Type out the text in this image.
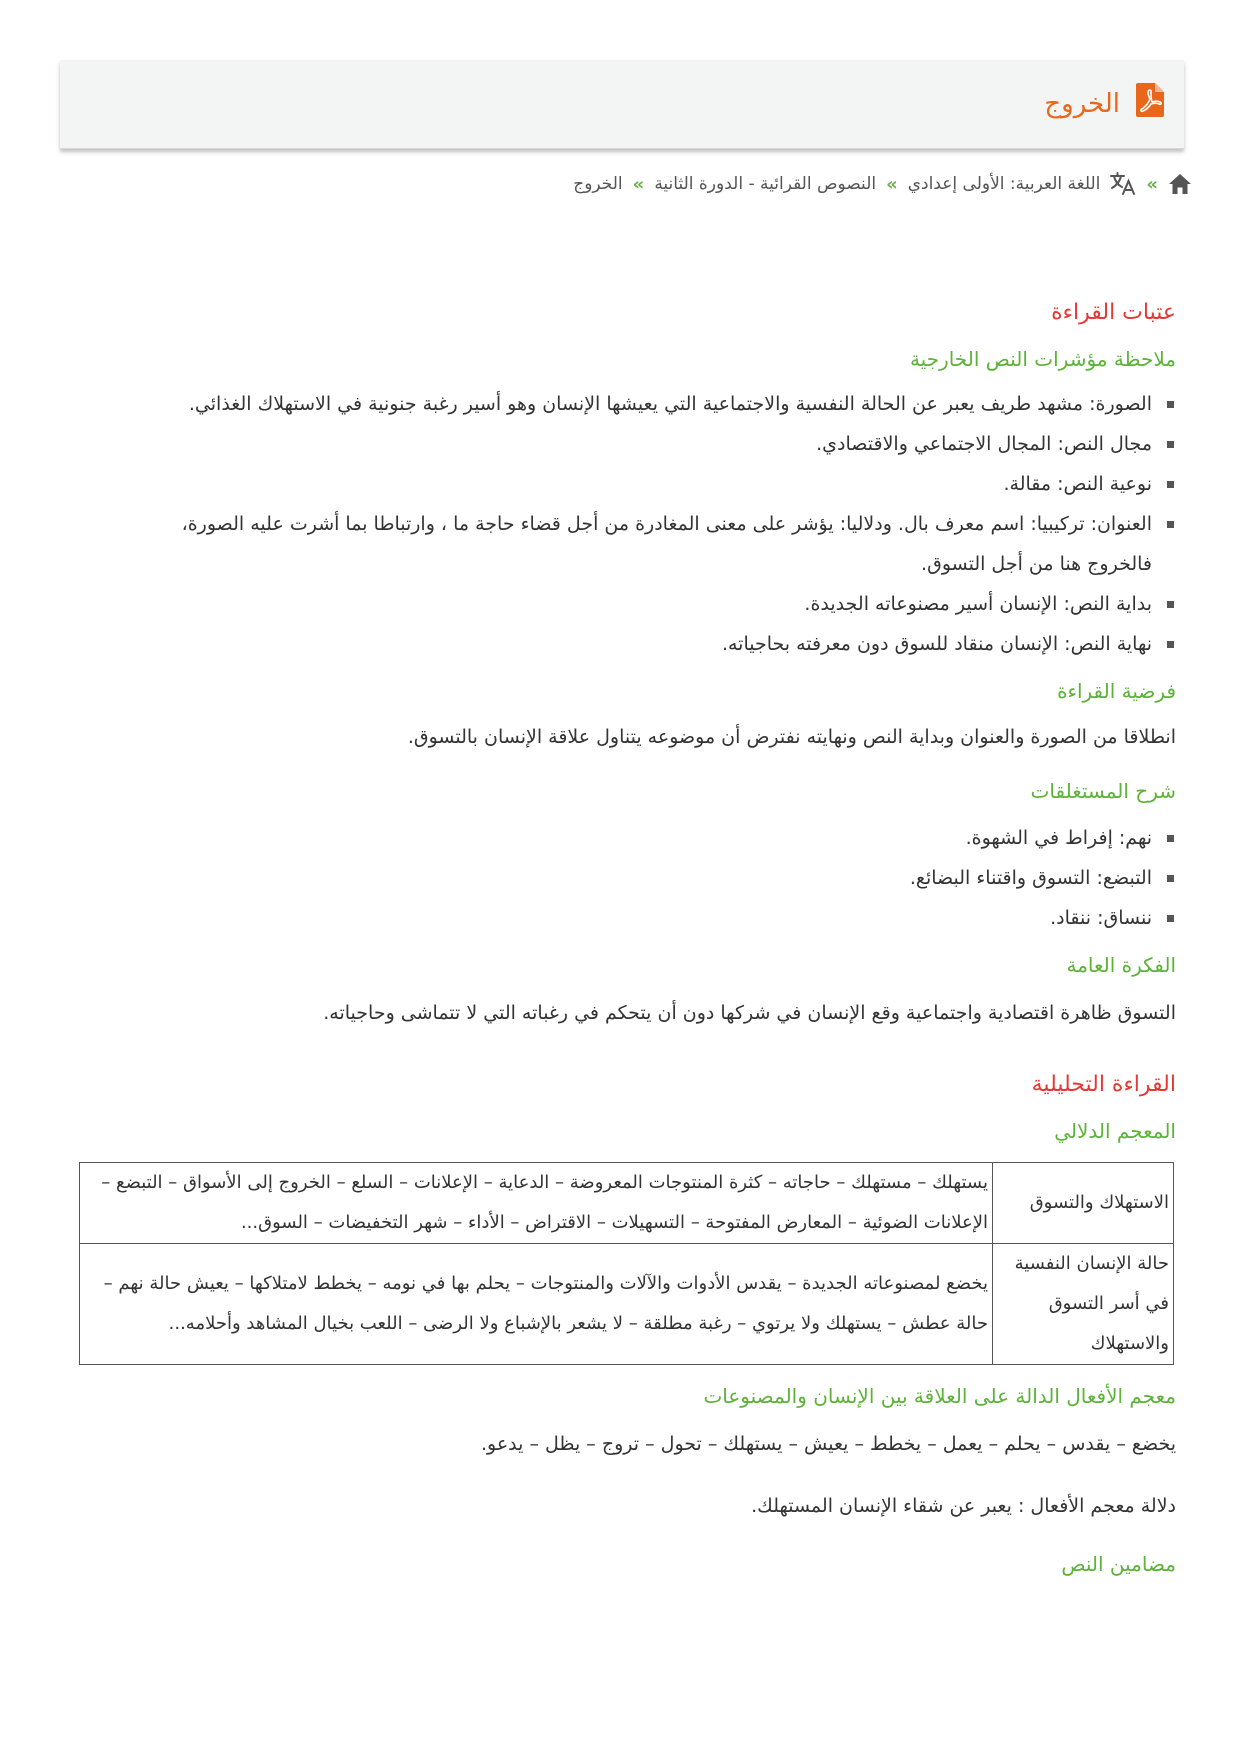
الخروج
»
اللغة العربية: الأولى إعدادي
»
النصوص القرائية - الدورة الثانية
»
الخروج
عتبات القراءة
ملاحظة مؤشرات النص الخارجية
الصورة: مشهد طريف يعبر عن الحالة النفسية والاجتماعية التي يعيشها الإنسان وهو أسير رغبة جنونية في الاستهلاك الغذائي.
مجال النص: المجال الاجتماعي والاقتصادي.
نوعية النص: مقالة.
العنوان: تركيبيا: اسم معرف بال. ودلاليا: يؤشر على معنى المغادرة من أجل قضاء حاجة ما ، وارتباطا بما أشرت عليه الصورة، فالخروج هنا من أجل التسوق.
بداية النص: الإنسان أسير مصنوعاته الجديدة.
نهاية النص: الإنسان منقاد للسوق دون معرفته بحاجياته.
فرضية القراءة

انطلاقا من الصورة والعنوان وبداية النص ونهايته نفترض أن موضوعه يتناول علاقة الإنسان بالتسوق.

شرح المستغلقات
نهم: إفراط في الشهوة.
التبضع: التسوق واقتناء البضائع.
ننساق: ننقاد.
الفكرة العامة

التسوق ظاهرة اقتصادية واجتماعية وقع الإنسان في شركها دون أن يتحكم في رغباته التي لا تتماشى وحاجياته.

القراءة التحليلية
المعجم الدلالي
الاستهلاك والتسوق	يستهلك – مستهلك – حاجاته – كثرة المنتوجات المعروضة – الدعاية – الإعلانات – السلع – الخروج إلى الأسواق – التبضع – الإعلانات الضوئية – المعارض المفتوحة – التسهيلات – الاقتراض – الأداء – شهر التخفيضات – السوق...
حالة الإنسان النفسية في أسر التسوق والاستهلاك	يخضع لمصنوعاته الجديدة – يقدس الأدوات والآلات والمنتوجات – يحلم بها في نومه – يخطط لامتلاكها – يعيش حالة نهم – حالة عطش – يستهلك ولا يرتوي – رغبة مطلقة – لا يشعر بالإشباع ولا الرضى – اللعب بخيال المشاهد وأحلامه...
معجم الأفعال الدالة على العلاقة بين الإنسان والمصنوعات

يخضع – يقدس – يحلم – يعمل – يخطط – يعيش – يستهلك – تحول – تروج – يظل – يدعو.

دلالة معجم الأفعال : يعبر عن شقاء الإنسان المستهلك.

مضامين النص
